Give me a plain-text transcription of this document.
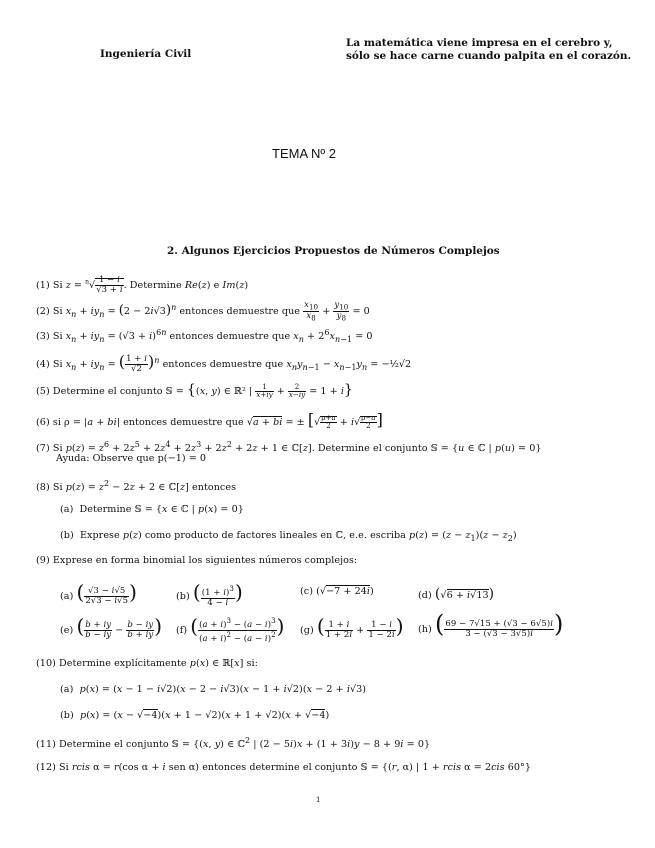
Ingeniería Civil
La matemática viene impresa en el cerebro y,
sólo se hace carne cuando palpita en el corazón.
TEMA Nº 2
2. Algunos Ejercicios Propuestos de Números Complejos
(1) Si $z = ^n√ \frac{1 - i}{√3 + i}$ . Determine Re(z) e Im(z)
(2) Si $x_n + iy_n = (2 - 2i√3)^n$ entonces demuestre que $\frac{x_{10}}{x_8} + \frac{y_{10}}{y_8} = 0$
(3) Si $x_n + iy_n = (√3 + i)^{6n}$ entonces demuestre que $x_n + 2^6x_{n-1} = 0$
(4) Si $x_n + iy_n$ = ( $\frac{1 + i}{√2} )^n$ entonces demuestre que $x_ny_{n-1} - x_{n-1}y_n$ = −½√2
(5) Determine el conjunto 𝕊 = {(x, y) ∈ ℝ² | $\frac{1}{x+iy} + \frac{2}{x-iy} = 1 + i$}
(6) si ρ = |a + bi| entonces demuestre que √a + bi = ± [√ $\frac{\rho+a}{2} + i√ \frac{\rho-a}{2}$ ]
(7) Si $p(z) = z^6 + 2z^5 + 2z^4 + 2z^3 + 2z^2 + 2z + 1$ ∈ ℂ[z]. Determine el conjunto 𝕊 = {u ∈ ℂ | p(u) = 0}
Ayuda: Observe que p(−1) = 0
(8) Si $p(z) = z^2 - 2z + 2$ ∈ ℂ[z] entonces
(a)  Determine 𝕊 = {x ∈ ℂ | p(x) = 0}
(b)  Exprese p(z) como producto de factores lineales en ℂ, e.e. escriba $p(z) = (z - z_1)(z - z_2)$
(9) Exprese en forma binomial los siguientes números complejos:
(a) ( $\frac{√3 - i√5}{2√3 - i√5}$ )	(b) ( $\frac{(1 + i)^3}{4 - i}$ )	(c) (√−7 + 24i)	(d) (√6 + i√13)
(e) ( $\frac{b + iy}{b - iy} - \frac{b - iy}{b + iy}$ ) (f) ( $\frac{(a + i)^3 - (a - i)^3}{(a + i)^2 - (a - i)^2}$ ) (g) ( $\frac{1 + i}{1 + 2i} + \frac{1 - i}{1 - 2i}$ ) (h) ( $\frac{69 - 7√15 + (√3 - 6√5)i}{3 - (√3 - 3√5)i}$ )
(10) Determine explícitamente p(x) ∈ ℝ[x] si:
(a) p(x) = (x − 1 − i√2)(x − 2 − i√3)(x − 1 + i√2)(x − 2 + i√3)
(b) p(x) = (x − √−4)(x + 1 − √2)(x + 1 + √2)(x + √−4)
(11) Determine el conjunto 𝕊 = {(x, y) ∈ ℂ$^2$ | (2 − 5i)x + (1 + 3i)y − 8 + 9i = 0}
(12) Si rcis α = r(cos α + i sen α) entonces determine el conjunto 𝕊 = {(r, α) | 1 + rcis α = 2cis 60°}
1
